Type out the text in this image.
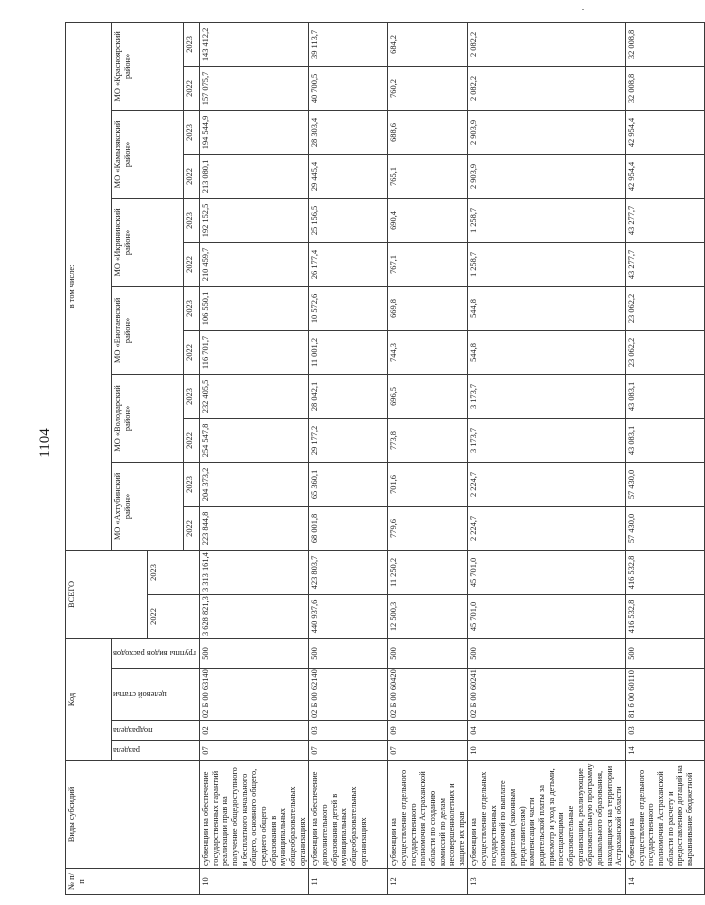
1104
№ п/п	Виды субсидий	Код				ВСЕГО		в том числе:											

		раздела	подраздела	целевой статьи	группы видов расходов			МО «Ахтубинский район»		МО «Володарский район»		МО «Енотаевский район»		МО «Икрянинский район»		МО «Камызякский район»		МО «Красноярский район»	
						2022	2023												
								2022	2023	2022	2023	2022	2023	2022	2023	2022	2023	2022	2023
10	субвенции на обеспечение государственных гарантий реализации прав на получение общедоступного и бесплатного начального общего, основного общего, среднего общего образования в муниципальных общеобразовательных организациях	07	02	02 Б 00 63140	500	3 628 821,3	3 313 161,4	223 844,8	204 373,2	254 547,8	232 405,5	116 701,7	106 550,1	210 459,7	192 152,5	213 080,1	194 544,9	157 075,7	143 412,2
11	субвенции на обеспечение дополнительного образования детей в муниципальных общеобразовательных организациях	07	03	02 Б 00 62140	500	440 937,6	423 803,7	68 001,8	65 360,1	29 177,2	28 042,1	11 001,2	10 572,6	26 177,4	25 156,5	29 445,4	28 303,4	40 700,5	39 113,7
12	субвенции на осуществление отдельного государственного полномочия Астраханской области по созданию комиссий по делам несовершеннолетних и защите их прав	07	09	02 Б 00 60420	500	12 500,3	11 250,2	779,6	701,6	773,8	696,5	744,3	669,8	767,1	690,4	765,1	688,6	760,2	684,2
13	субвенции на осуществление отдельных государственных полномочий по выплате родителям (законным представителям) компенсации части родительской платы за присмотр и уход за детьми, посещающими образовательные организации, реализующие образовательную программу дошкольного образования, находящиеся на территории Астраханской области	10	04	02 Б 00 60241	500	45 701,0	45 701,0	2 224,7	2 224,7	3 173,7	3 173,7	544,8	544,8	1 258,7	1 258,7	2 903,9	2 903,9	2 082,2	2 082,2
14	субвенции на осуществление отдельного государственного полномочия Астраханской области по расчету и предоставлению дотаций на выравнивание бюджетной	14	03	81 б 00 60110	500	416 532,8	416 532,8	57 430,0	57 430,0	43 083,1	43 083,1	23 062,2	23 062,2	43 277,7	43 277,7	42 954,4	42 954,4	32 008,8	32 008,8
